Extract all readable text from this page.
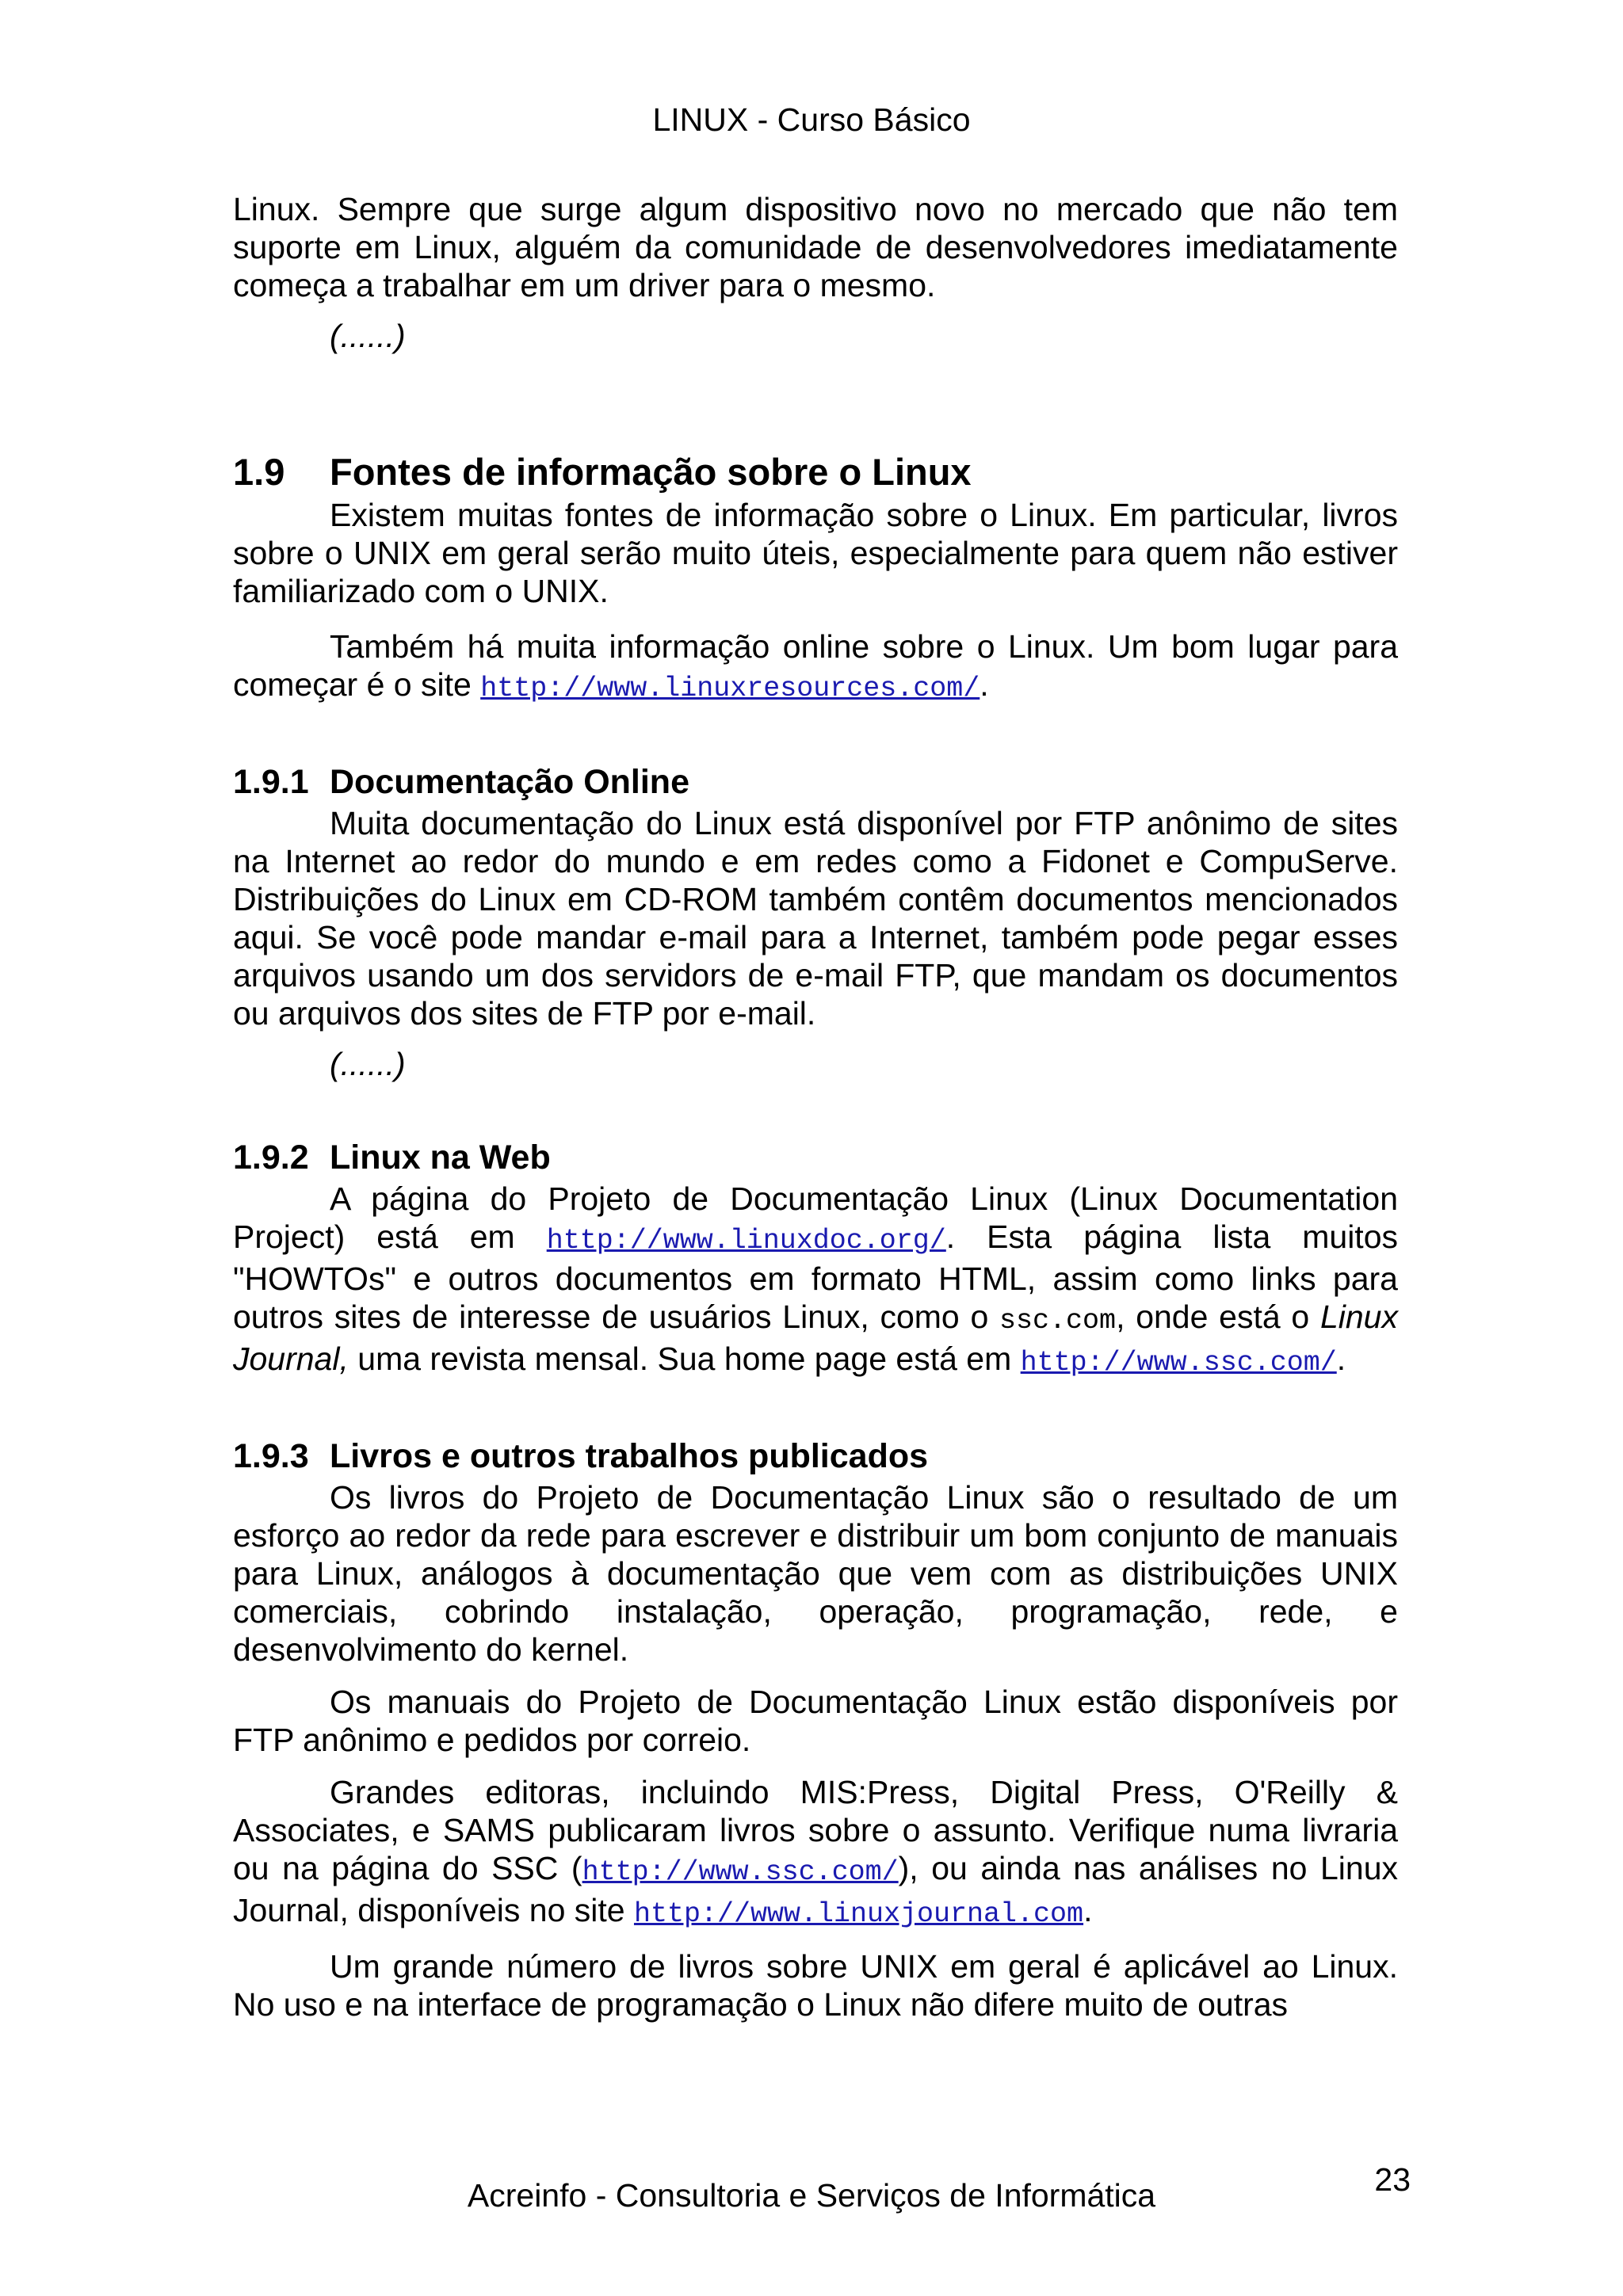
LINUX - Curso Básico

Linux. Sempre que surge algum dispositivo novo no mercado que não tem suporte em Linux, alguém da comunidade de desenvolvedores imediatamente começa a trabalhar em um driver para o mesmo.

(......)
1.9 Fontes de informação sobre o Linux

Existem muitas fontes de informação sobre o Linux. Em particular, livros sobre o UNIX em geral serão muito úteis, especialmente para quem não estiver familiarizado com o UNIX.

Também há muita informação online sobre o Linux. Um bom lugar para começar é o site http://www.linuxresources.com/.

1.9.1 Documentação Online

Muita documentação do Linux está disponível por FTP anônimo de sites na Internet ao redor do mundo e em redes como a Fidonet e CompuServe. Distribuições do Linux em CD-ROM também contêm documentos mencionados aqui. Se você pode mandar e-mail para a Internet, também pode pegar esses arquivos usando um dos servidors de e-mail FTP, que mandam os documentos ou arquivos dos sites de FTP por e-mail.

(......)
1.9.2 Linux na Web

A página do Projeto de Documentação Linux (Linux Documentation Project) está em http://www.linuxdoc.org/. Esta página lista muitos "HOWTOs" e outros documentos em formato HTML, assim como links para outros sites de interesse de usuários Linux, como o ssc.com, onde está o Linux Journal, uma revista mensal. Sua home page está em http://www.ssc.com/.

1.9.3 Livros e outros trabalhos publicados

Os livros do Projeto de Documentação Linux são o resultado de um esforço ao redor da rede para escrever e distribuir um bom conjunto de manuais para Linux, análogos à documentação que vem com as distribuições UNIX comerciais, cobrindo instalação, operação, programação, rede, e desenvolvimento do kernel.

Os manuais do Projeto de Documentação Linux estão disponíveis por FTP anônimo e pedidos por correio.

Grandes editoras, incluindo MIS:Press, Digital Press, O'Reilly & Associates, e SAMS publicaram livros sobre o assunto. Verifique numa livraria ou na página do SSC (http://www.ssc.com/), ou ainda nas análises no Linux Journal, disponíveis no site http://www.linuxjournal.com.

Um grande número de livros sobre UNIX em geral é aplicável ao Linux. No uso e na interface de programação o Linux não difere muito de outras

23
Acreinfo - Consultoria e Serviços de Informática
